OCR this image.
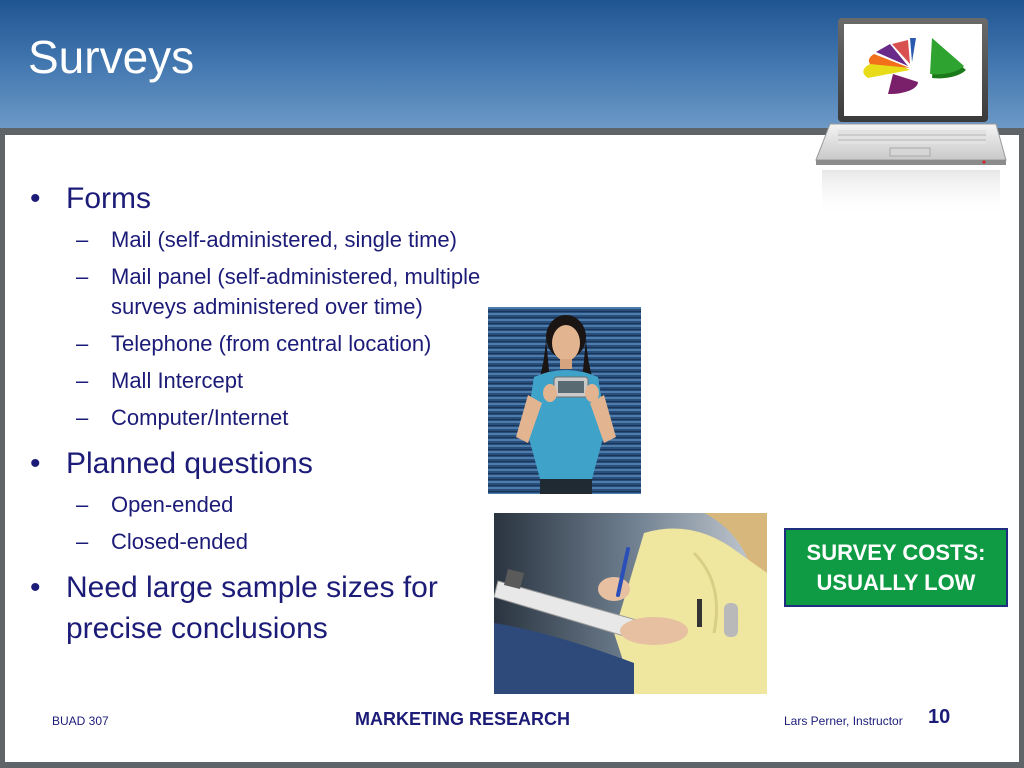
Surveys
• Forms
– Mail (self-administered, single time)
– Mail panel (self-administered, multiple surveys administered over time)
– Telephone (from central location)
– Mall Intercept
– Computer/Internet
• Planned questions
– Open-ended
– Closed-ended
• Need large sample sizes for precise conclusions
SURVEY COSTS:
USUALLY LOW
BUAD 307	MARKETING RESEARCH	Lars Perner, Instructor 10
